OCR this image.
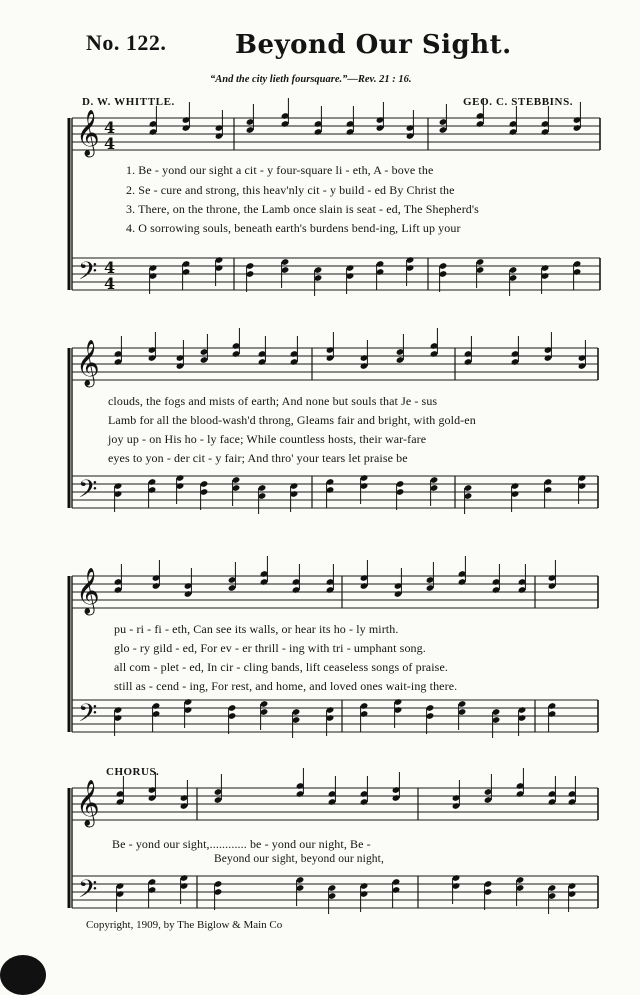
No. 122.	Beyond Our Sight.
“And the city lieth foursquare.”—Rev. 21 : 16.
D. W. WHITTLE.	GEO. C. STEBBINS.
𝄞
𝄢
4
4
4
4
𝄞
𝄢
𝄞
𝄢
𝄞
𝄢
1. Be - yond our sight a cit - y four-square li - eth, A - bove the
2. Se - cure and strong, this heav'nly cit - y build - ed By Christ the
3. There, on the throne, the Lamb once slain is seat - ed, The Shepherd's
4. O sorrowing souls, beneath earth's burdens bend-ing, Lift up your
clouds, the fogs and mists of earth; And none but souls that Je - sus
Lamb for all the blood-wash'd throng, Gleams fair and bright, with gold-en
joy up - on His ho - ly face; While countless hosts, their war-fare
eyes to yon - der cit - y fair; And thro' your tears let praise be
pu - ri - fi - eth, Can see its walls, or hear its ho - ly mirth.
glo - ry gild - ed, For ev - er thrill - ing with tri - umphant song.
all com - plet - ed, In cir - cling bands, lift ceaseless songs of praise.
still as - cend - ing, For rest, and home, and loved ones wait-ing there.
CHORUS.
Be - yond our sight,............ be - yond our night, Be -
Beyond our sight, beyond our night,
Copyright, 1909, by The Biglow & Main Co
